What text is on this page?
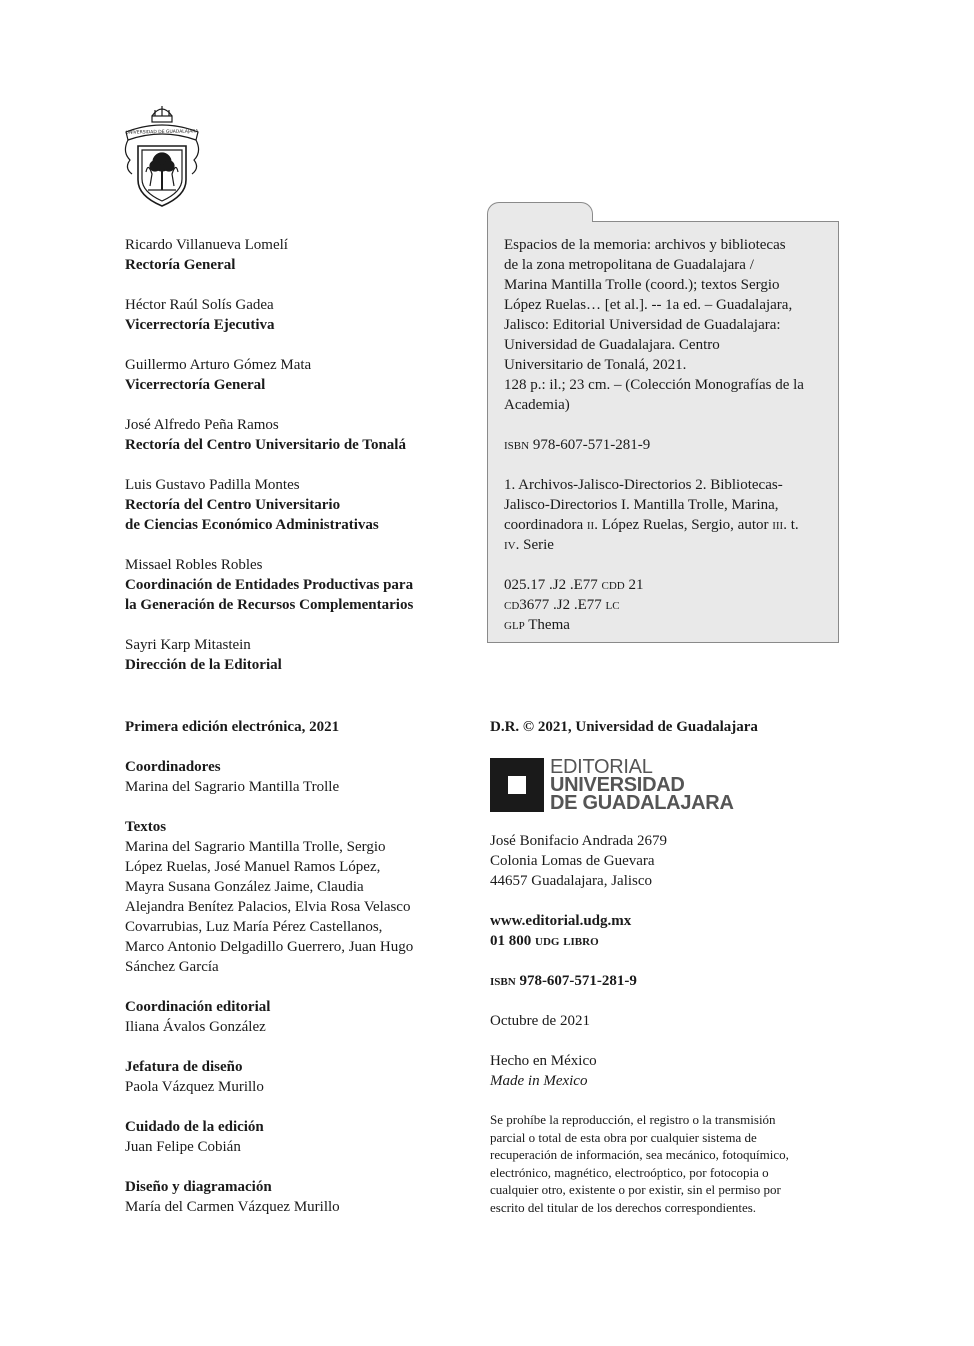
UNIVERSIDAD DE GUADALAJARA
Ricardo Villanueva Lomelí
Rectoría General
Héctor Raúl Solís Gadea
Vicerrectoría Ejecutiva
Guillermo Arturo Gómez Mata
Vicerrectoría General
José Alfredo Peña Ramos
Rectoría del Centro Universitario de Tonalá
Luis Gustavo Padilla Montes
Rectoría del Centro Universitario
de Ciencias Económico Administrativas
Missael Robles Robles
Coordinación de Entidades Productivas para
la Generación de Recursos Complementarios
Sayri Karp Mitastein
Dirección de la Editorial
Espacios de la memoria: archivos y bibliotecas
de la zona metropolitana de Guadalajara /
Marina Mantilla Trolle (coord.); textos Sergio
López Ruelas… [et al.]. -- 1a ed. – Guadalajara,
Jalisco: Editorial Universidad de Guadalajara:
Universidad de Guadalajara. Centro
Universitario de Tonalá, 2021.
128 p.: il.; 23 cm. – (Colección Monografías de la
Academia)
isbn 978-607-571-281-9
1. Archivos-Jalisco-Directorios 2. Bibliotecas-
Jalisco-Directorios I. Mantilla Trolle, Marina,
coordinadora ii. López Ruelas, Sergio, autor iii. t.
iv. Serie
025.17 .J2 .E77 cdd 21
cd3677 .J2 .E77 lc
glp Thema
Primera edición electrónica, 2021
Coordinadores
Marina del Sagrario Mantilla Trolle
Textos
Marina del Sagrario Mantilla Trolle, Sergio
López Ruelas, José Manuel Ramos López,
Mayra Susana González Jaime, Claudia
Alejandra Benítez Palacios, Elvia Rosa Velasco
Covarrubias, Luz María Pérez Castellanos,
Marco Antonio Delgadillo Guerrero, Juan Hugo
Sánchez García
Coordinación editorial
Iliana Ávalos González
Jefatura de diseño
Paola Vázquez Murillo
Cuidado de la edición
Juan Felipe Cobián
Diseño y diagramación
María del Carmen Vázquez Murillo
D.R. © 2021, Universidad de Guadalajara
EDITORIAL
UNIVERSIDAD
DE GUADALAJARA
José Bonifacio Andrada 2679
Colonia Lomas de Guevara
44657 Guadalajara, Jalisco
www.editorial.udg.mx
01 800 udg libro
isbn 978-607-571-281-9
Octubre de 2021
Hecho en México
Made in Mexico
Se prohíbe la reproducción, el registro o la transmisión
parcial o total de esta obra por cualquier sistema de
recuperación de información, sea mecánico, fotoquímico,
electrónico, magnético, electroóptico, por fotocopia o
cualquier otro, existente o por existir, sin el permiso por
escrito del titular de los derechos correspondientes.
